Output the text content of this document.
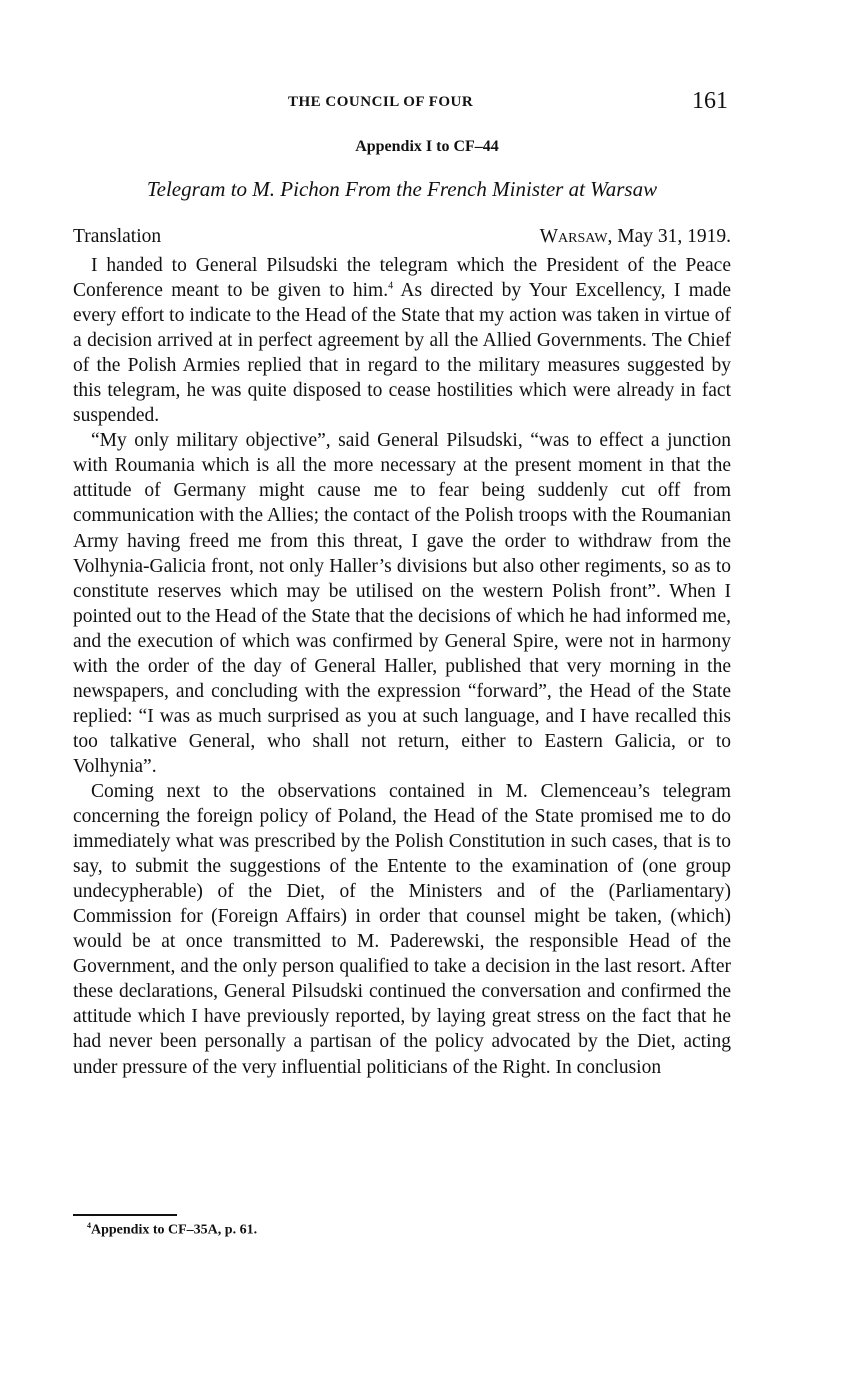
THE COUNCIL OF FOUR	161
Appendix I to CF–44
Telegram to M. Pichon From the French Minister at Warsaw
Translation	Warsaw, May 31, 1919.

I handed to General Pilsudski the telegram which the President of the Peace Conference meant to be given to him.$^4$ As directed by Your Excellency, I made every effort to indicate to the Head of the State that my action was taken in virtue of a decision arrived at in perfect agreement by all the Allied Governments. The Chief of the Polish Armies replied that in regard to the military measures suggested by this telegram, he was quite disposed to cease hostilities which were already in fact suspended.

“My only military objective”, said General Pilsudski, “was to effect a junction with Roumania which is all the more necessary at the present moment in that the attitude of Germany might cause me to fear being suddenly cut off from communication with the Allies; the contact of the Polish troops with the Roumanian Army having freed me from this threat, I gave the order to withdraw from the Volhynia-Galicia front, not only Haller’s divisions but also other regiments, so as to constitute reserves which may be utilised on the western Polish front”. When I pointed out to the Head of the State that the decisions of which he had informed me, and the execution of which was confirmed by General Spire, were not in harmony with the order of the day of General Haller, published that very morning in the newspapers, and concluding with the expression “forward”, the Head of the State replied: “I was as much surprised as you at such language, and I have recalled this too talkative General, who shall not return, either to Eastern Galicia, or to Volhynia”.

Coming next to the observations contained in M. Clemenceau’s telegram concerning the foreign policy of Poland, the Head of the State promised me to do immediately what was prescribed by the Polish Constitution in such cases, that is to say, to submit the suggestions of the Entente to the examination of (one group undecypherable) of the Diet, of the Ministers and of the (Parliamentary) Commission for (Foreign Affairs) in order that counsel might be taken, (which) would be at once transmitted to M. Paderewski, the responsible Head of the Government, and the only person qualified to take a decision in the last resort. After these declarations, General Pilsudski continued the conversation and confirmed the attitude which I have previously reported, by laying great stress on the fact that he had never been personally a partisan of the policy advocated by the Diet, acting under pressure of the very influential politicians of the Right. In conclusion

$^4$Appendix to CF–35A, p. 61.
